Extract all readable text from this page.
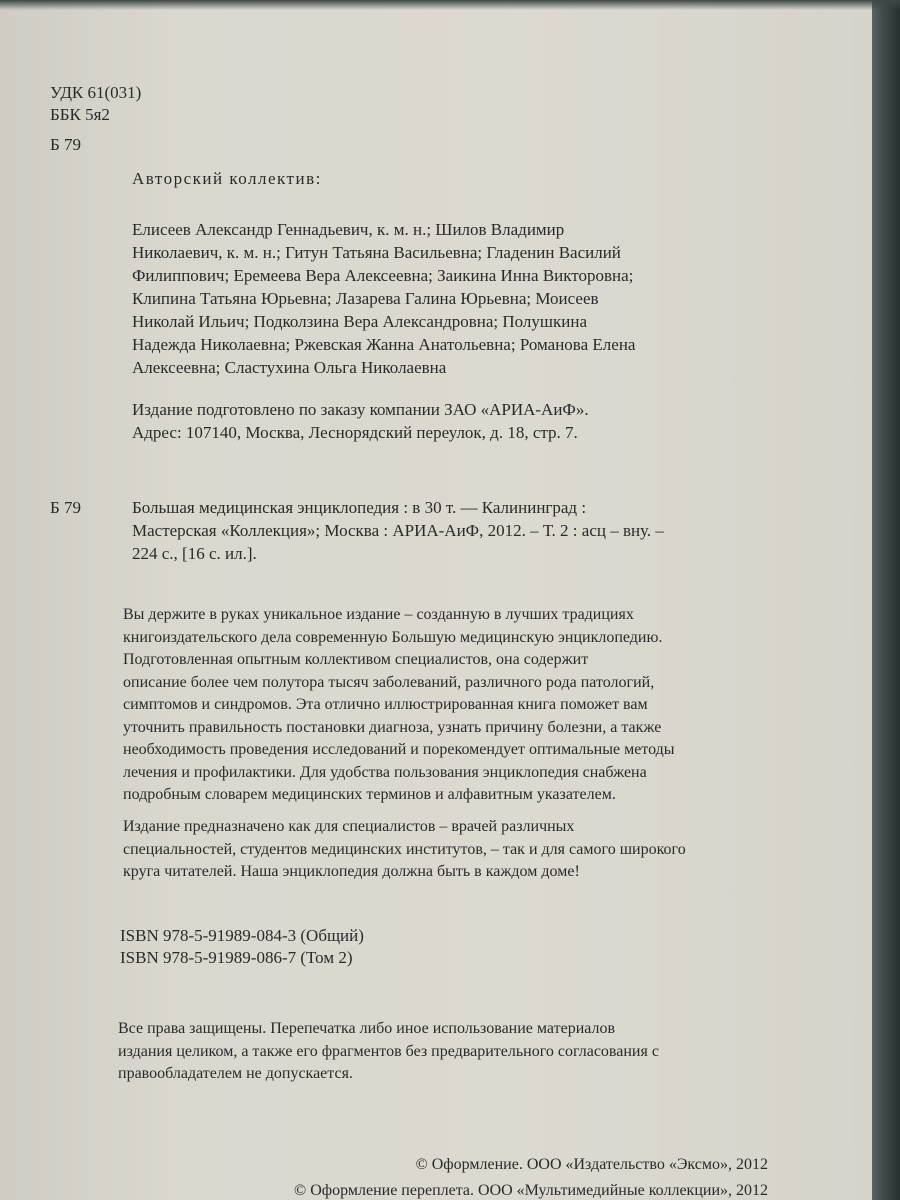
УДК 61(031)
ББК 5я2
Б 79
Авторский коллектив:
Елисеев Александр Геннадьевич, к. м. н.; Шилов Владимир
Николаевич, к. м. н.; Гитун Татьяна Васильевна; Гладенин Василий
Филиппович; Еремеева Вера Алексеевна; Заикина Инна Викторовна;
Клипина Татьяна Юрьевна; Лазарева Галина Юрьевна; Моисеев
Николай Ильич; Подколзина Вера Александровна; Полушкина
Надежда Николаевна; Ржевская Жанна Анатольевна; Романова Елена
Алексеевна; Сластухина Ольга Николаевна
Издание подготовлено по заказу компании ЗАО «АРИА-АиФ».
Адрес: 107140, Москва, Леснорядский переулок, д. 18, стр. 7.
Б 79	Большая медицинская энциклопедия : в 30 т. — Калининград :
Мастерская «Коллекция»; Москва : АРИА-АиФ, 2012. – Т. 2 : асц – вну. –
224 с., [16 с. ил.].
Вы держите в руках уникальное издание – созданную в лучших традициях
книгоиздательского дела современную Большую медицинскую энциклопедию.
Подготовленная опытным коллективом специалистов, она содержит
описание более чем полутора тысяч заболеваний, различного рода патологий,
симптомов и синдромов. Эта отлично иллюстрированная книга поможет вам
уточнить правильность постановки диагноза, узнать причину болезни, а также
необходимость проведения исследований и порекомендует оптимальные методы
лечения и профилактики. Для удобства пользования энциклопедия снабжена
подробным словарем медицинских терминов и алфавитным указателем.
Издание предназначено как для специалистов – врачей различных
специальностей, студентов медицинских институтов, – так и для самого широкого
круга читателей. Наша энциклопедия должна быть в каждом доме!
ISBN 978-5-91989-084-3 (Общий)
ISBN 978-5-91989-086-7 (Том 2)
Все права защищены. Перепечатка либо иное использование материалов
издания целиком, а также его фрагментов без предварительного согласования с
правообладателем не допускается.
© Оформление. ООО «Издательство «Эксмо», 2012
© Оформление переплета. ООО «Мультимедийные коллекции», 2012
